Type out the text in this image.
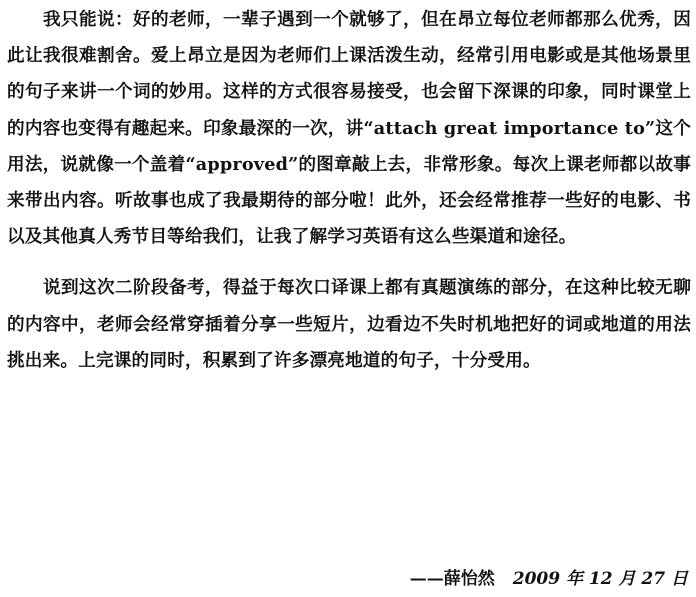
我只能说：好的老师，一辈子遇到一个就够了，但在昂立每位老师都那么优秀，因此让我很难割舍。爱上昂立是因为老师们上课活泼生动，经常引用电影或是其他场景里的句子来讲一个词的妙用。这样的方式很容易接受，也会留下深课的印象，同时课堂上的内容也变得有趣起来。印象最深的一次，讲“attach great importance to”这个用法，说就像一个盖着“approved”的图章敲上去，非常形象。每次上课老师都以故事来带出内容。听故事也成了我最期待的部分啦！此外，还会经常推荐一些好的电影、书以及其他真人秀节目等给我们，让我了解学习英语有这么些渠道和途径。

说到这次二阶段备考，得益于每次口译课上都有真题演练的部分，在这种比较无聊的内容中，老师会经常穿插着分享一些短片，边看边不失时机地把好的词或地道的用法挑出来。上完课的同时，积累到了许多漂亮地道的句子，十分受用。

——薛怡然 2009 年 12 月 27 日
